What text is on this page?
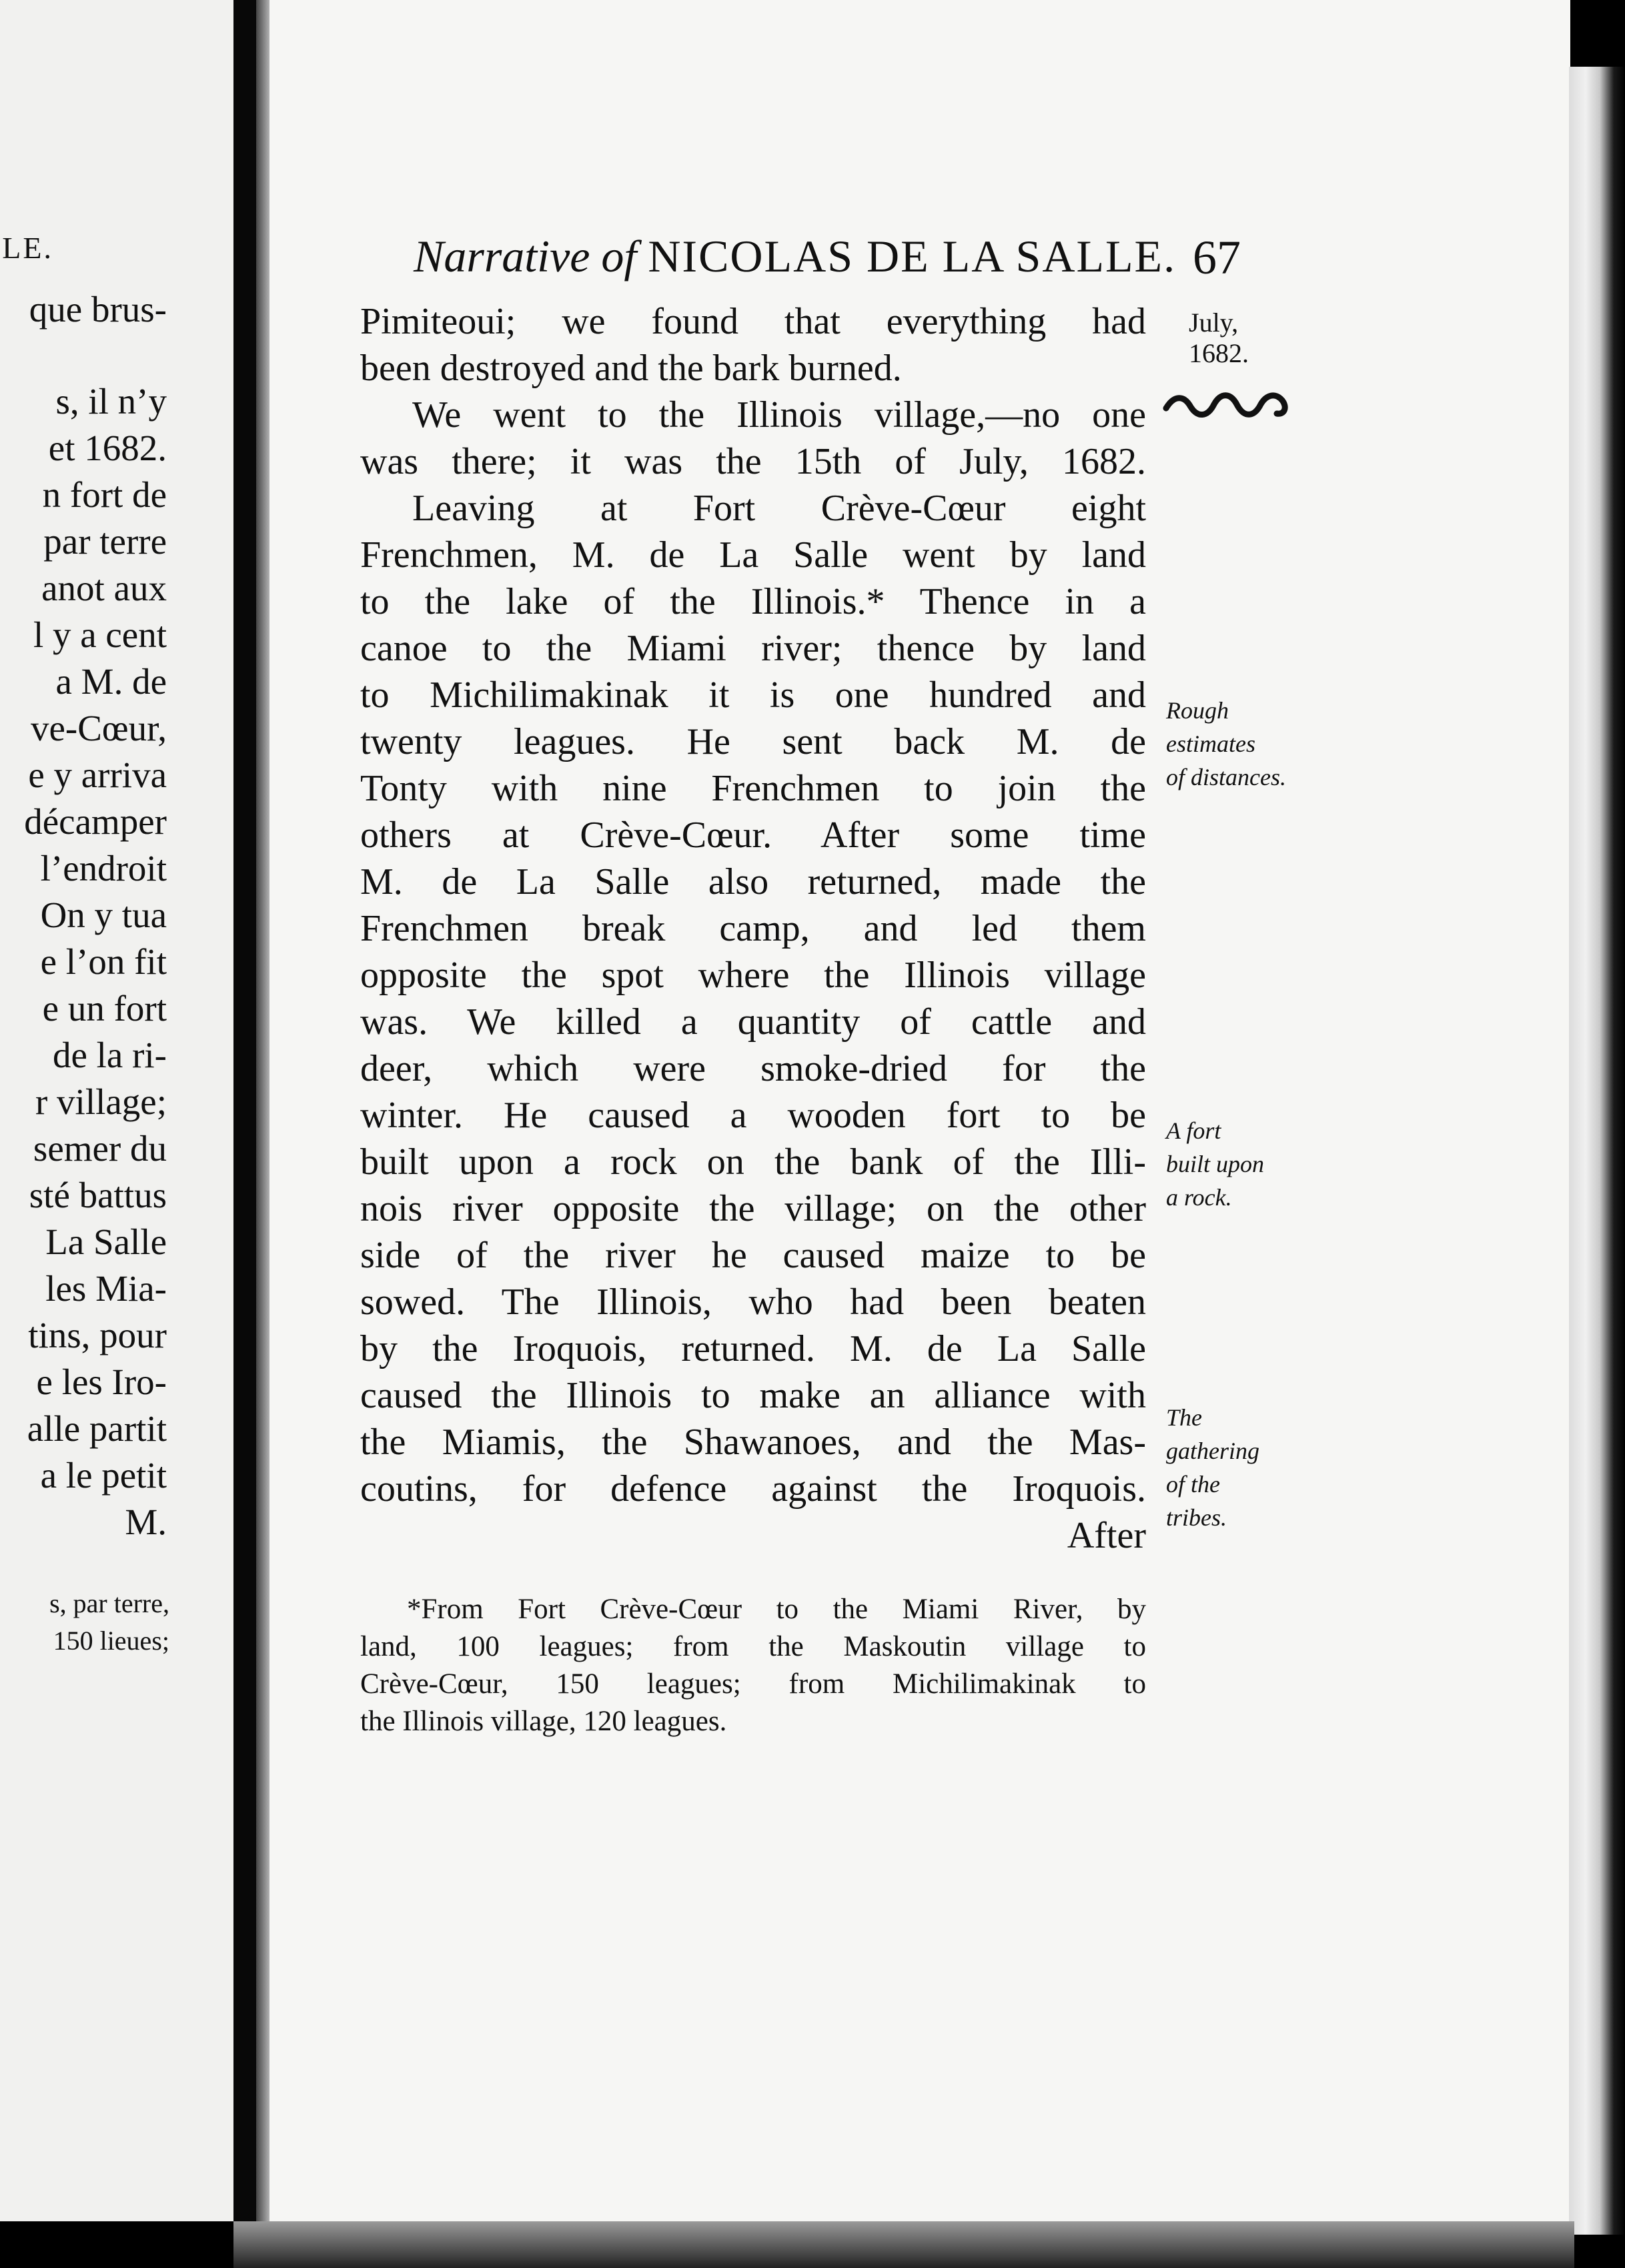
LE.
que brus-
s, il n’y
et 1682.
n fort de
par terre
anot aux
l y a cent
a M. de
ve-Cœur,
e y arriva
décamper
l’endroit
On y tua
e l’on fit
e un fort
de la ri-
r village;
semer du
sté battus
La Salle
les Mia-
tins, pour
e les Iro-
alle partit
a le petit
M.
s, par terre,
150 lieues;
Narrative of NICOLAS DE LA SALLE. 67
July,
1682.
Pimiteoui; we found that everything had
been destroyed and the bark burned.
We went to the Illinois village,—no one
was there; it was the 15th of July, 1682.
Leaving at Fort Crève-Cœur eight
Frenchmen, M. de La Salle went by land
to the lake of the Illinois.* Thence in a
canoe to the Miami river; thence by land
to Michilimakinak it is one hundred and
twenty leagues. He sent back M. de
Tonty with nine Frenchmen to join the
others at Crève-Cœur. After some time
M. de La Salle also returned, made the
Frenchmen break camp, and led them
opposite the spot where the Illinois village
was. We killed a quantity of cattle and
deer, which were smoke-dried for the
winter. He caused a wooden fort to be
built upon a rock on the bank of the Illi-
nois river opposite the village; on the other
side of the river he caused maize to be
sowed. The Illinois, who had been beaten
by the Iroquois, returned. M. de La Salle
caused the Illinois to make an alliance with
the Miamis, the Shawanoes, and the Mas-
coutins, for defence against the Iroquois.
After
Rough
estimates
of distances.
A fort
built upon
a rock.
The
gathering
of the
tribes.
*From Fort Crève-Cœur to the Miami River, by
land, 100 leagues; from the Maskoutin village to
Crève-Cœur, 150 leagues; from Michilimakinak to
the Illinois village, 120 leagues.
